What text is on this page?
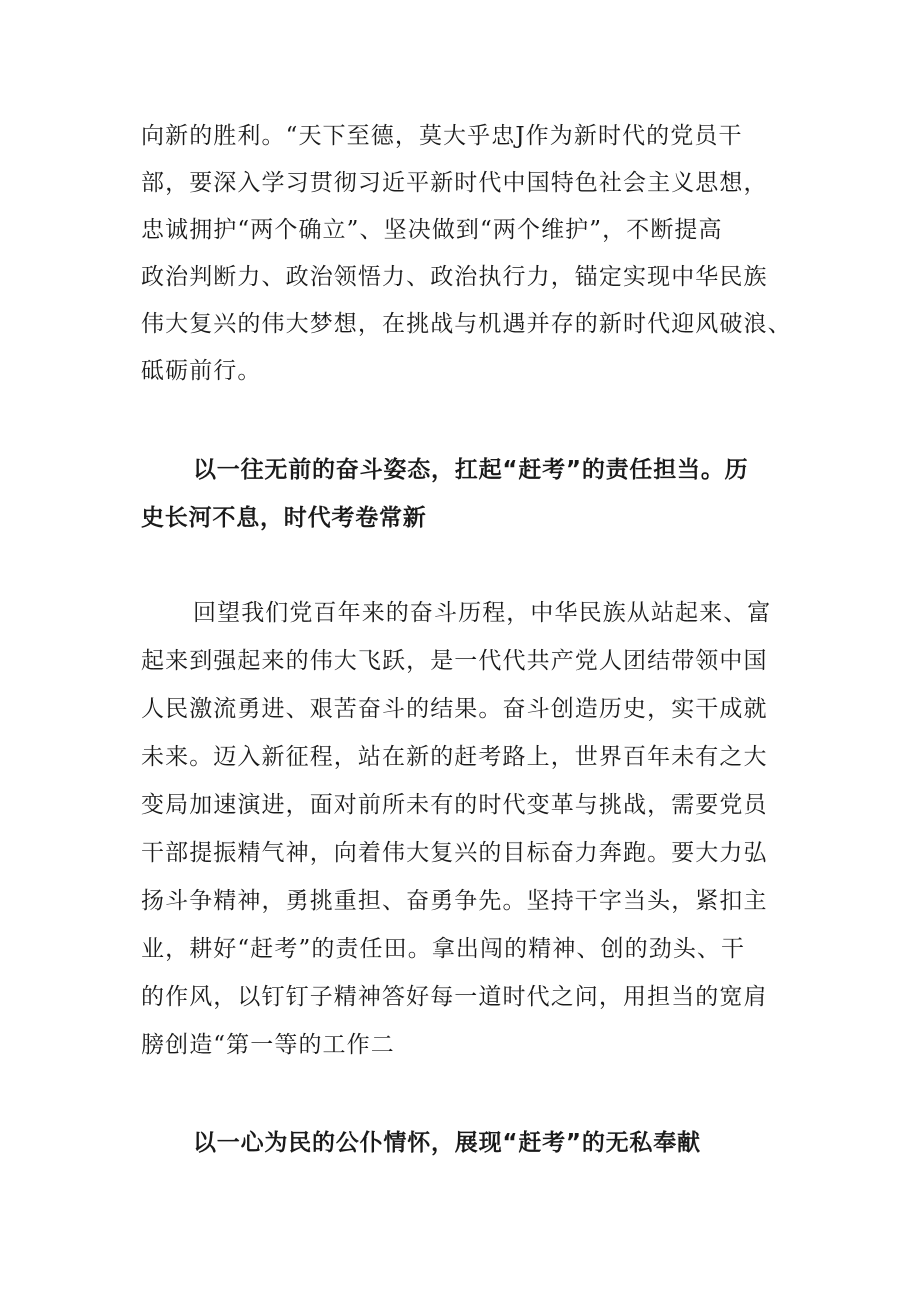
向新的胜利。“天下至德，莫大乎忠J作为新时代的党员干

部，要深入学习贯彻习近平新时代中国特色社会主义思想，

忠诚拥护“两个确立”、坚决做到“两个维护”，不断提高

政治判断力、政治领悟力、政治执行力，锚定实现中华民族

伟大复兴的伟大梦想，在挑战与机遇并存的新时代迎风破浪、

砥砺前行。

以一往无前的奋斗姿态，扛起“赶考”的责任担当。历

史长河不息，时代考卷常新

回望我们党百年来的奋斗历程，中华民族从站起来、富

起来到强起来的伟大飞跃，是一代代共产党人团结带领中国

人民激流勇进、艰苦奋斗的结果。奋斗创造历史，实干成就

未来。迈入新征程，站在新的赶考路上，世界百年未有之大

变局加速演进，面对前所未有的时代变革与挑战，需要党员

干部提振精气神，向着伟大复兴的目标奋力奔跑。要大力弘

扬斗争精神，勇挑重担、奋勇争先。坚持干字当头，紧扣主

业，耕好“赶考”的责任田。拿出闯的精神、创的劲头、干

的作风，以钉钉子精神答好每一道时代之问，用担当的宽肩

膀创造“第一等的工作二

以一心为民的公仆情怀，展现“赶考”的无私奉献
